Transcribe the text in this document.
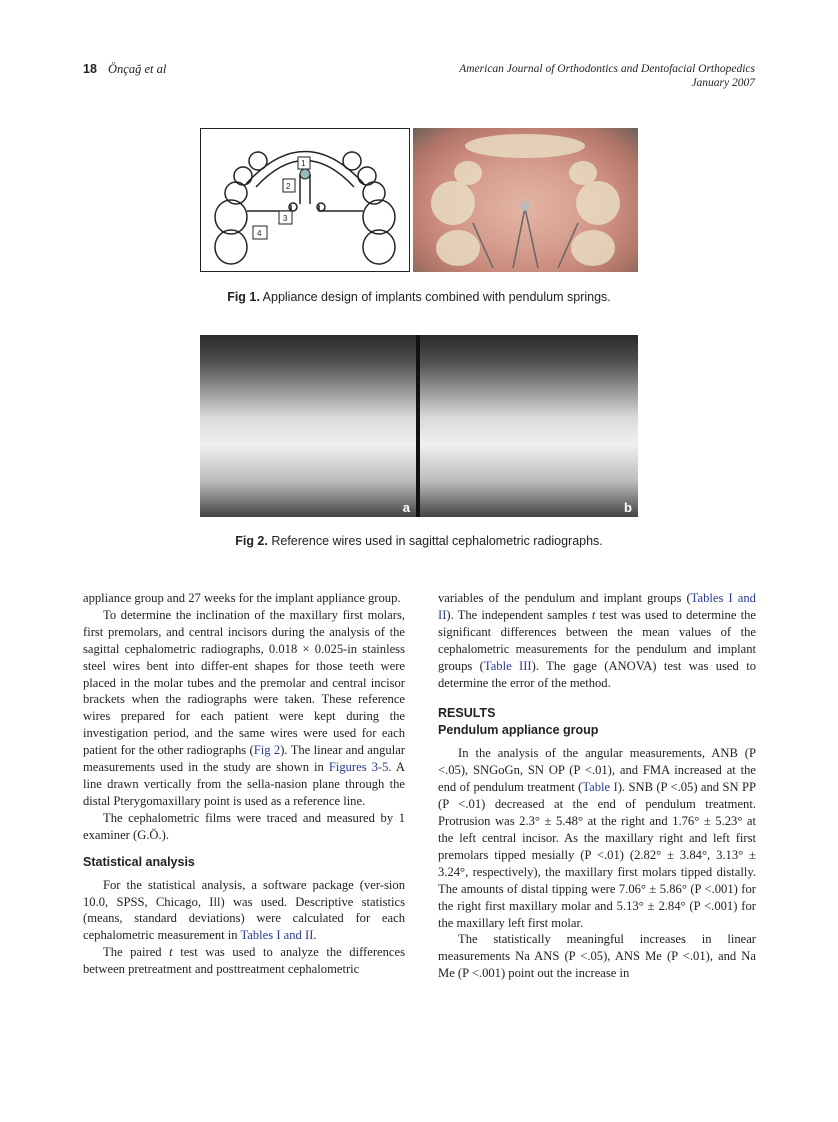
18 Önçağ et al	American Journal of Orthodontics and Dentofacial Orthopedics
January 2007
1
2
3
4
Fig 1. Appliance design of implants combined with pendulum springs.
a	b
Fig 2. Reference wires used in sagittal cephalometric radiographs.

appliance group and 27 weeks for the implant appliance group.

To determine the inclination of the maxillary first molars, first premolars, and central incisors during the analysis of the sagittal cephalometric radiographs, 0.018 × 0.025-in stainless steel wires bent into differ-ent shapes for those teeth were placed in the molar tubes and the premolar and central incisor brackets when the radiographs were taken. These reference wires prepared for each patient were kept during the investigation period, and the same wires were used for each patient for the other radiographs (Fig 2). The linear and angular measurements used in the study are shown in Figures 3-5. A line drawn vertically from the sella-nasion plane through the distal Pterygomaxillary point is used as a reference line.

The cephalometric films were traced and measured by 1 examiner (G.Ö.).

Statistical analysis

For the statistical analysis, a software package (ver-sion 10.0, SPSS, Chicago, Ill) was used. Descriptive statistics (means, standard deviations) were calculated for each cephalometric measurement in Tables I and II.

The paired t test was used to analyze the differences between pretreatment and posttreatment cephalometric

variables of the pendulum and implant groups (Tables I and II). The independent samples t test was used to determine the significant differences between the mean values of the cephalometric measurements for the pendulum and implant groups (Table III). The gage (ANOVA) test was used to determine the error of the method.

RESULTS
Pendulum appliance group

In the analysis of the angular measurements, ANB (P <.05), SNGoGn, SN OP (P <.01), and FMA increased at the end of pendulum treatment (Table I). SNB (P <.05) and SN PP (P <.01) decreased at the end of pendulum treatment. Protrusion was 2.3° ± 5.48° at the right and 1.76° ± 5.23° at the left central incisor. As the maxillary right and left first premolars tipped mesially (P <.01) (2.82° ± 3.84°, 3.13° ± 3.24°, respectively), the maxillary first molars tipped distally. The amounts of distal tipping were 7.06° ± 5.86° (P <.001) for the right first maxillary molar and 5.13° ± 2.84° (P <.001) for the maxillary left first molar.

The statistically meaningful increases in linear measurements Na ANS (P <.05), ANS Me (P <.01), and Na Me (P <.001) point out the increase in
